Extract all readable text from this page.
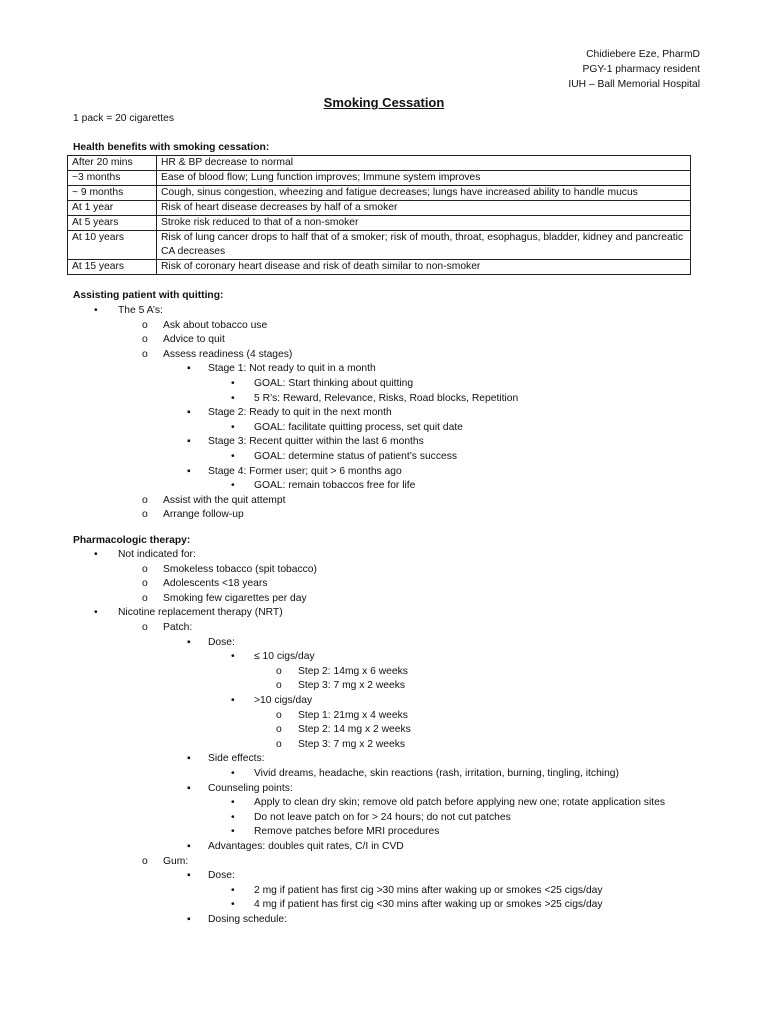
Chidiebere Eze, PharmD
PGY-1 pharmacy resident
IUH – Ball Memorial Hospital
Smoking Cessation
1 pack = 20 cigarettes
Health benefits with smoking cessation:
After 20 mins	HR & BP decrease to normal
~3 months	Ease of blood flow; Lung function improves; Immune system improves
~ 9 months	Cough, sinus congestion, wheezing and fatigue decreases; lungs have increased ability to handle mucus
At 1 year	Risk of heart disease decreases by half of a smoker
At 5 years	Stroke risk reduced to that of a non-smoker
At 10 years	Risk of lung cancer drops to half that of a smoker; risk of mouth, throat, esophagus, bladder, kidney and pancreatic CA decreases
At 15 years	Risk of coronary heart disease and risk of death similar to non-smoker
Assisting patient with quitting:
•
The 5 A’s:
o
Ask about tobacco use
o
Advice to quit
o
Assess readiness (4 stages)
▪
Stage 1: Not ready to quit in a month
•
GOAL: Start thinking about quitting
•
5 R’s: Reward, Relevance, Risks, Road blocks, Repetition
▪
Stage 2: Ready to quit in the next month
•
GOAL: facilitate quitting process, set quit date
▪
Stage 3: Recent quitter within the last 6 months
•
GOAL: determine status of patient’s success
▪
Stage 4: Former user; quit > 6 months ago
•
GOAL: remain tobaccos free for life
o
Assist with the quit attempt
o
Arrange follow-up
Pharmacologic therapy:
•
Not indicated for:
o
Smokeless tobacco (spit tobacco)
o
Adolescents <18 years
o
Smoking few cigarettes per day
•
Nicotine replacement therapy (NRT)
o
Patch:
▪
Dose:
•
≤ 10 cigs/day
o
Step 2: 14mg x 6 weeks
o
Step 3: 7 mg x 2 weeks
•
>10 cigs/day
o
Step 1: 21mg x 4 weeks
o
Step 2: 14 mg x 2 weeks
o
Step 3: 7 mg x 2 weeks
▪
Side effects:
•
Vivid dreams, headache, skin reactions (rash, irritation, burning, tingling, itching)
▪
Counseling points:
•
Apply to clean dry skin; remove old patch before applying new one; rotate application sites
•
Do not leave patch on for > 24 hours; do not cut patches
•
Remove patches before MRI procedures
▪
Advantages: doubles quit rates, C/I in CVD
o
Gum:
▪
Dose:
•
2 mg if patient has first cig >30 mins after waking up or smokes <25 cigs/day
•
4 mg if patient has first cig <30 mins after waking up or smokes >25 cigs/day
▪
Dosing schedule:
